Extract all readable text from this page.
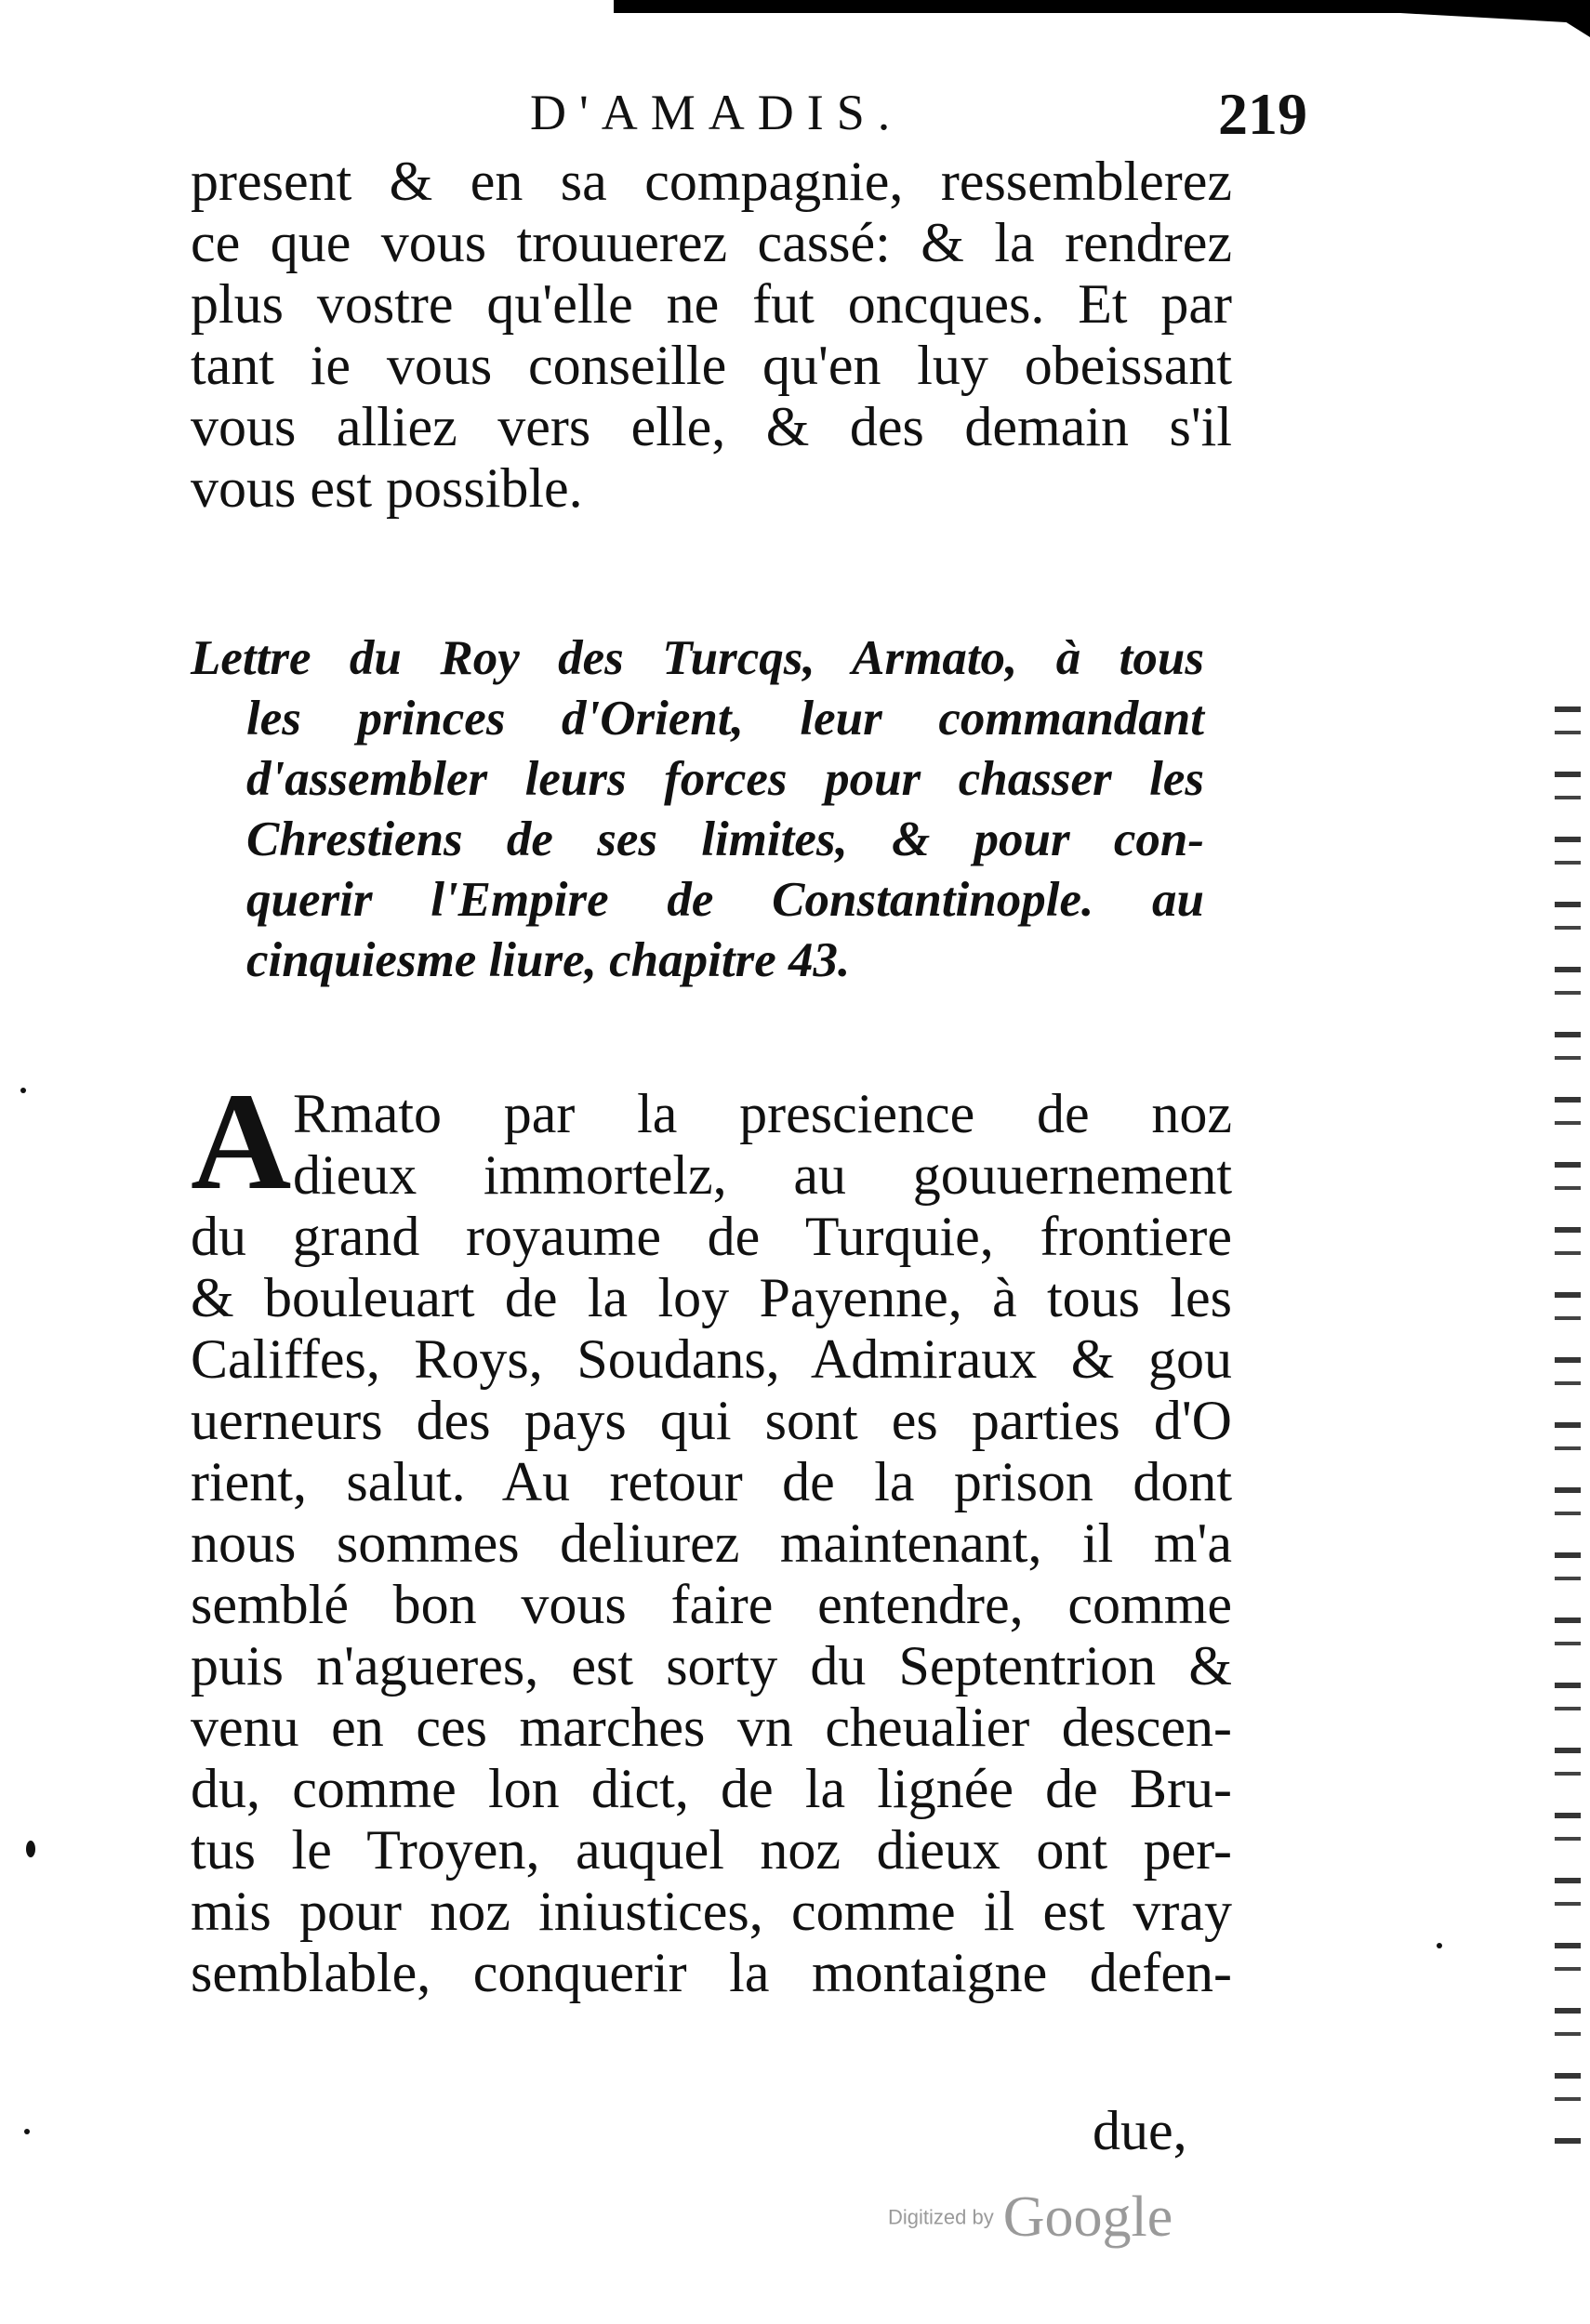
D'AMADIS.	219
present & en sa compagnie, ressemblerez
ce que vous trouuerez cassé: & la rendrez
plus vostre qu'elle ne fut oncques. Et par
tant ie vous conseille qu'en luy obeissant
vous alliez vers elle, & des demain s'il
vous est possible.
Lettre du Roy des Turcqs, Armato, à tous
les princes d'Orient, leur commandant
d'assembler leurs forces pour chasser les
Chrestiens de ses limites, & pour con-
querir l'Empire de Constantinople. au
cinquiesme liure, chapitre 43.
A Rmato par la prescience de noz
dieux immortelz, au gouuernement
du grand royaume de Turquie, frontiere
& bouleuart de la loy Payenne, à tous les
Califfes, Roys, Soudans, Admiraux & gou
uerneurs des pays qui sont es parties d'O
rient, salut. Au retour de la prison dont
nous sommes deliurez maintenant, il m'a
semblé bon vous faire entendre, comme
puis n'agueres, est sorty du Septentrion &
venu en ces marches vn cheualier descen-
du, comme lon dict, de la lignée de Bru-
tus le Troyen, auquel noz dieux ont per-
mis pour noz iniustices, comme il est vray
semblable, conquerir la montaigne defen-
due,
Digitized by Google
